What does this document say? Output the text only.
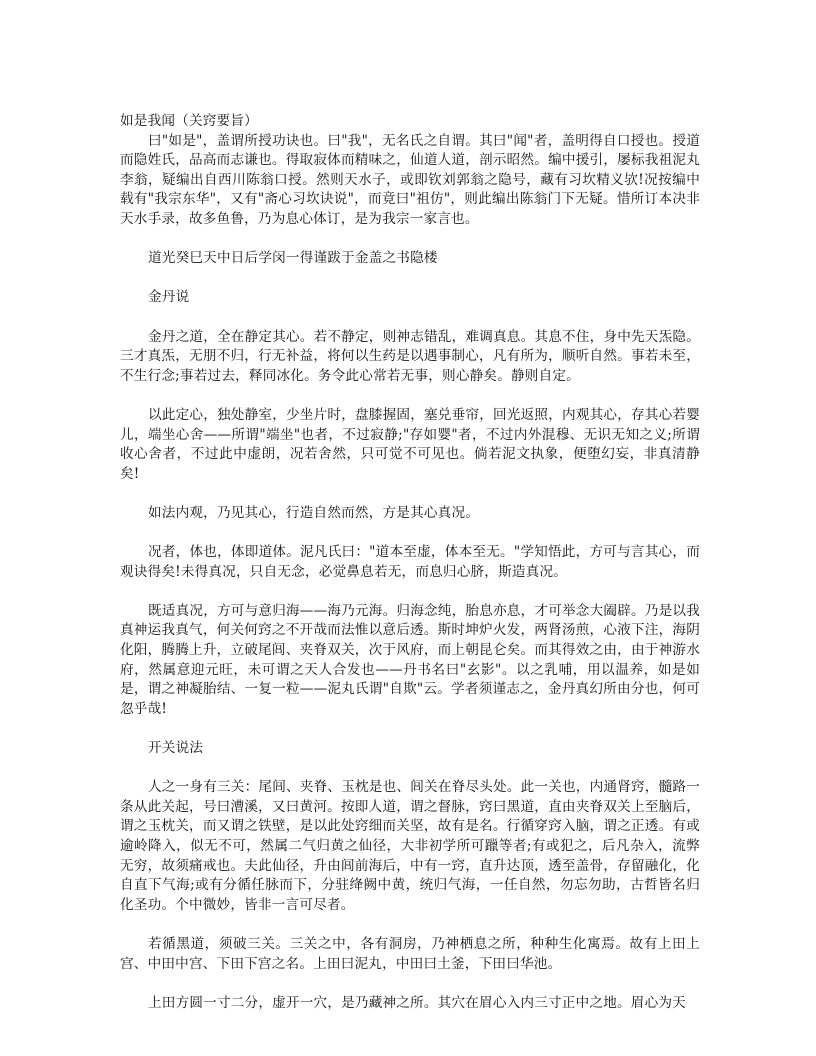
如是我闻（关窍要旨）

曰"如是"，盖谓所授功诀也。曰"我"，无名氏之自谓。其曰"闻"者，盖明得自口授也。授道而隐姓氏，品高而志谦也。得取寂体而精味之，仙道人道，剖示昭然。编中援引，屡标我祖泥丸李翁，疑编出自西川陈翁口授。然则天水子，或即钦刘郭翁之隐号，藏有习坎精义欤!况按编中载有"我宗东华"，又有"斋心习坎诀说"，而竟曰"祖仿"，则此编出陈翁门下无疑。惜所订本决非天水手录，故多鱼鲁，乃为息心体订，是为我宗一家言也。

道光癸巳天中日后学闵一得谨跋于金盖之书隐楼

金丹说

金丹之道，全在静定其心。若不静定，则神志错乱，难调真息。其息不住，身中先天炁隐。三才真炁，无朋不归，行无补益，将何以生药是以遇事制心，凡有所为，顺听自然。事若未至，不生行念;事若过去，释同冰化。务令此心常若无事，则心静矣。静则自定。

以此定心，独处静室，少坐片时，盘膝握固，塞兑垂帘，回光返照，内观其心，存其心若婴儿，端坐心舍——所谓"端坐"也者，不过寂静;"存如婴"者，不过内外混穆、无识无知之义;所谓收心舍者，不过此中虚朗，况若舍然，只可觉不可见也。倘若泥文执象，便堕幻妄，非真清静矣!

如法内观，乃见其心，行造自然而然，方是其心真况。

况者，体也，体即道体。泥凡氏曰："道本至虚，体本至无。"学知悟此，方可与言其心，而观诀得矣!未得真况，只自无念，必觉鼻息若无，而息归心脐，斯造真况。

既适真况，方可与意归海——海乃元海。归海念纯，胎息亦息，才可举念大阖辟。乃是以我真神运我真气，何关何窍之不开哉而法惟以意后透。斯时坤炉火发，两肾汤煎，心液下注，海阴化阳，腾腾上升，立破尾闾、夹脊双关，次于风府，而上朝昆仑矣。而其得效之由，由于神游水府，然属意迎元旺，未可谓之天人合发也——丹书名曰"玄影"。以之乳哺，用以温养，如是如是，谓之神凝胎结、一复一粒——泥丸氏谓"自欺"云。学者须谨志之，金丹真幻所由分也，何可忽乎哉!

开关说法

人之一身有三关：尾闾、夹脊、玉枕是也、闾关在脊尽头处。此一关也，内通肾窍，髓路一条从此关起，号曰漕溪，又曰黄河。按即人道，谓之督脉，窍曰黑道，直由夹脊双关上至脑后，谓之玉枕关，而又谓之铁壁，是以此处窍细而关坚，故有是名。行循穿窍入脑，谓之正透。有或逾岭降入，似无不可，然属二气归黄之仙径，大非初学所可躐等者;有或犯之，后凡杂入，流弊无穷，故须痛戒也。夫此仙径，升由闾前海后，中有一窍，直升达顶，透至盖骨，存留融化，化自直下气海;或有分循任脉而下，分驻绛阙中黄，统归气海，一任自然，勿忘勿助，古哲皆名归化圣功。个中微妙，皆非一言可尽者。

若循黑道，须破三关。三关之中，各有洞房，乃神栖息之所，种种生化寓焉。故有上田上宫、中田中宫、下田下宫之名。上田曰泥丸，中田曰土釜，下田曰华池。

上田方圆一寸二分，虚开一穴，是乃藏神之所。其穴在眉心入内三寸正中之地。眉心为天
